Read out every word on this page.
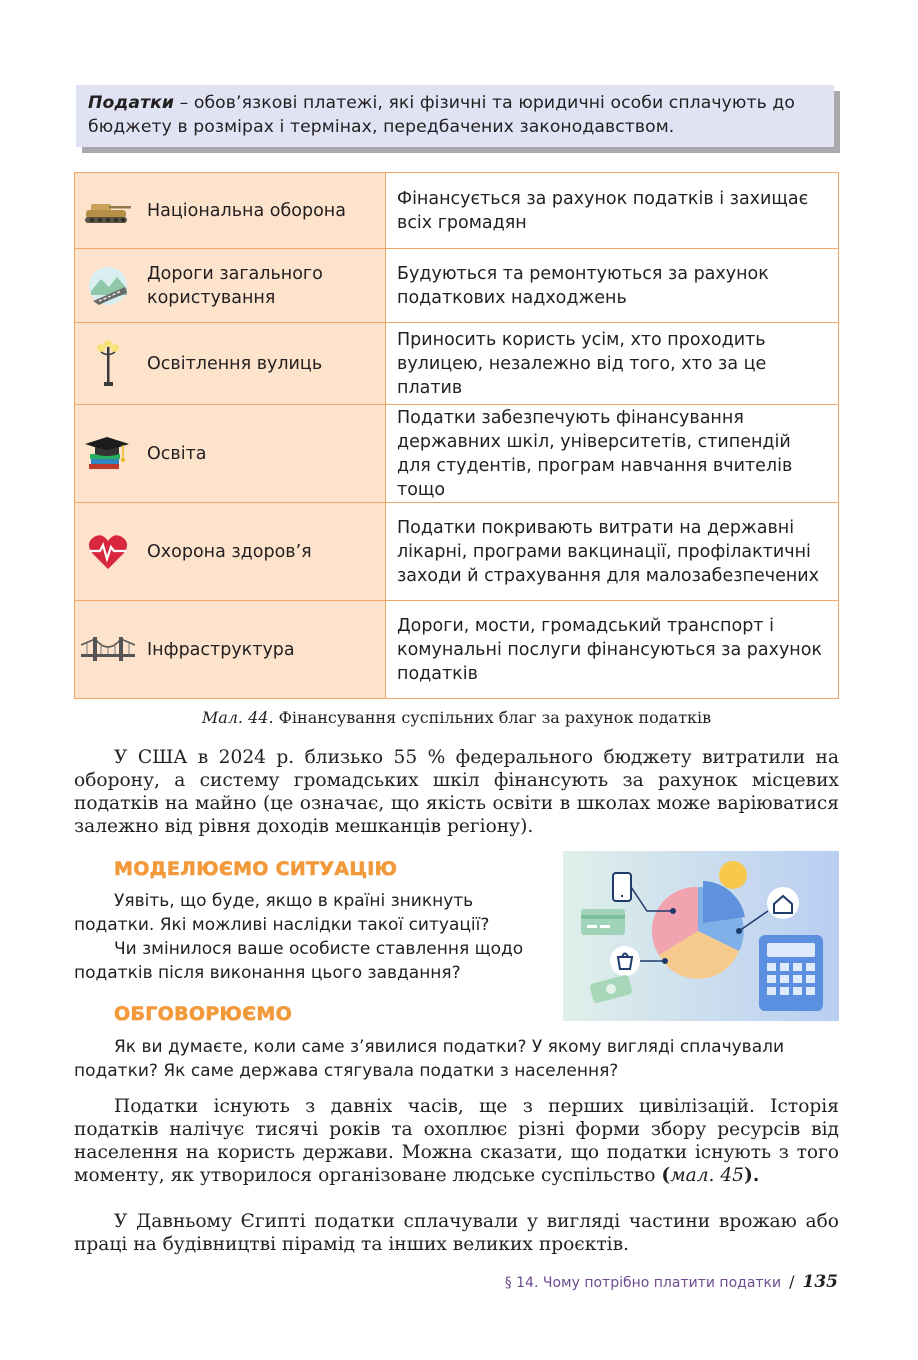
Податки – обов’язкові платежі, які фізичні та юридичні особи сплачують до бюджету в розмірах і термінах, передбачених законодавством.
Національна оборона	Фінансується за рахунок податків і захищає всіх громадян

Дороги загального користування	Будуються та ремонтуються за рахунок податкових надходжень

Освітлення вулиць	Приносить користь усім, хто проходить вулицею, незалежно від того, хто за це платив

Освіта	Податки забезпечують фінансування державних шкіл, університетів, стипендій для студентів, програм навчання вчителів тощо

Охорона здоров’я	Податки покривають витрати на державні лікарні, програми вакцинації, профілактичні заходи й страхування для малозабезпечених

Інфраструктура	Дороги, мости, громадський транспорт і комунальні послуги фінансуються за рахунок податків
Мал. 44. Фінансування суспільних благ за рахунок податків

У США в 2024 р. близько 55 % федерального бюджету витратили на оборону, а систему громадських шкіл фінансують за рахунок місцевих податків на майно (це означає, що якість освіти в школах може варіюватися залежно від рівня доходів мешканців регіону).

МОДЕЛЮЄМО СИТУАЦІЮ

Уявіть, що буде, якщо в країні зникнуть податки. Які можливі наслідки такої ситуації?

Чи змінилося ваше особисте ставлення щодо податків після виконання цього завдання?

ОБГОВОРЮЄМО

Як ви думаєте, коли саме з’явилися податки? У якому вигляді сплачували податки? Як саме держава стягувала податки з населення?

Податки існують з давніх часів, ще з перших цивілізацій. Історія податків налічує тисячі років та охоплює різні форми збору ресурсів від населення на користь держави. Можна сказати, що податки існують з того моменту, як утворилося організоване людське суспільство (мал. 45).

У Давньому Єгипті податки сплачували у вигляді частини врожаю або праці на будівництві пірамід та інших великих проєктів.

§ 14. Чому потрібно платити податки / 135
